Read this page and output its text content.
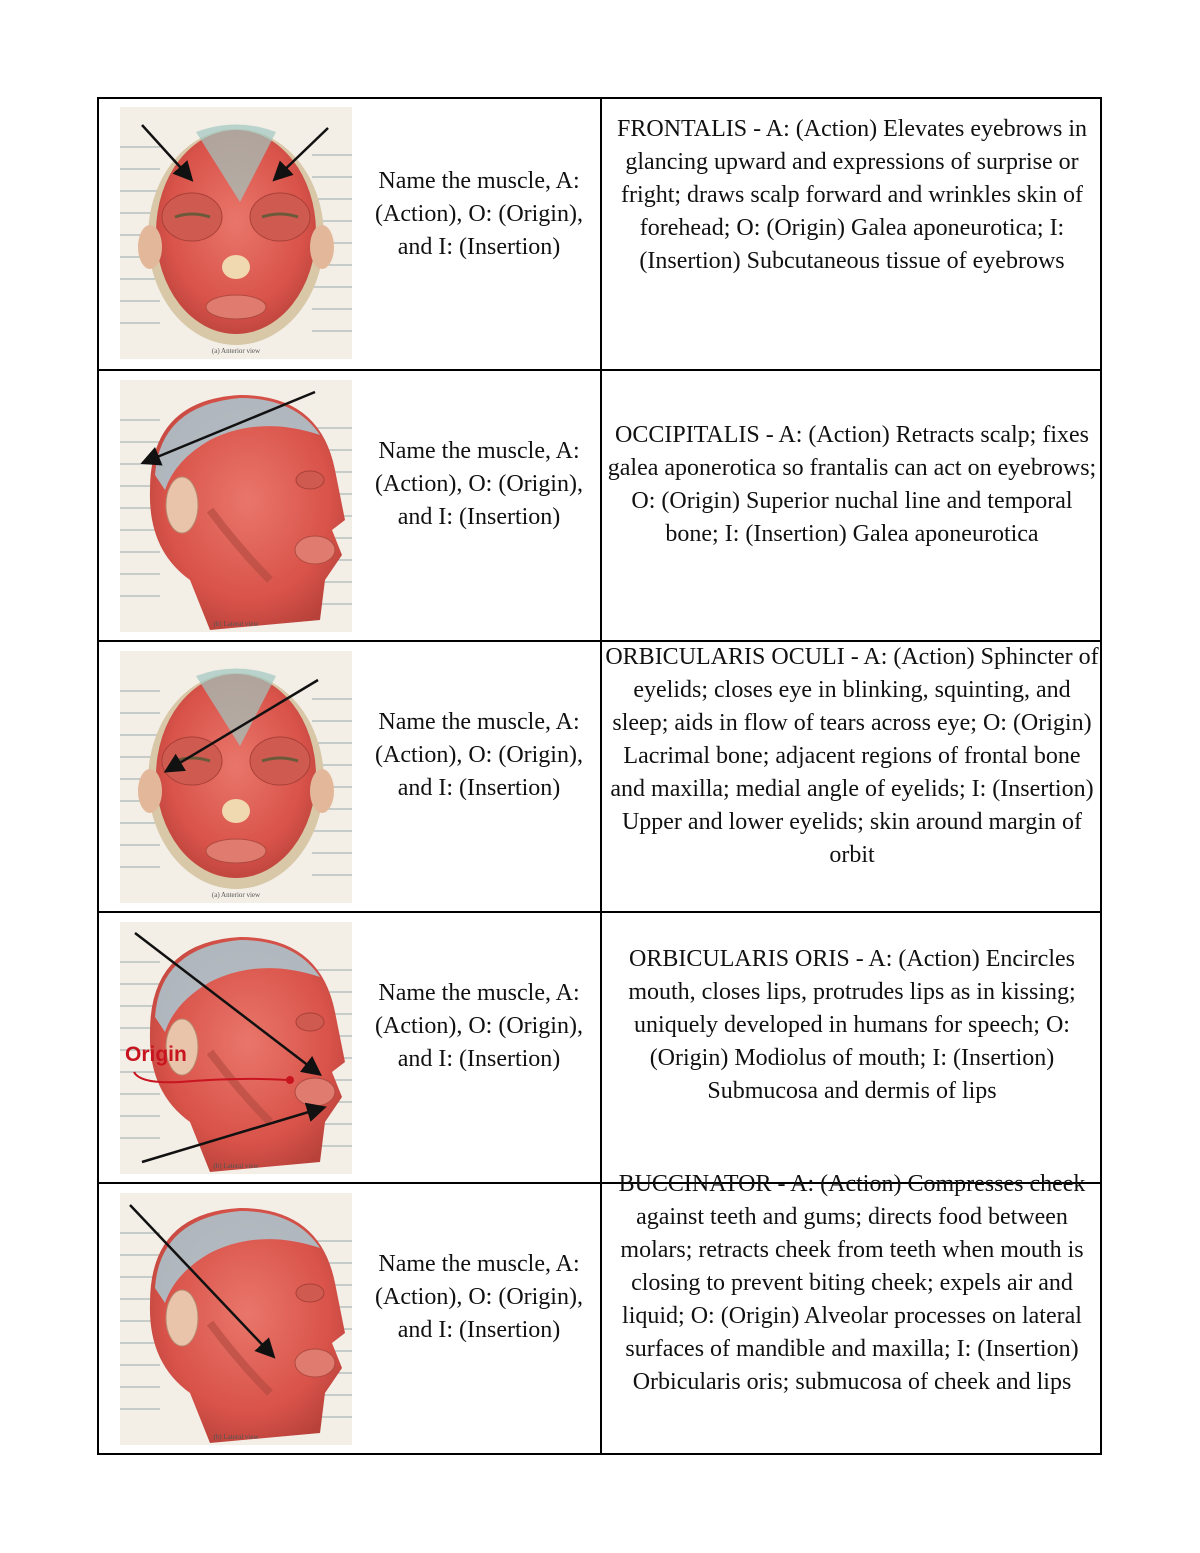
(a) Anterior view
Name the muscle, A: (Action), O: (Origin), and I: (Insertion)
FRONTALIS - A: (Action) Elevates eyebrows in glancing upward and expressions of surprise or fright; draws scalp forward and wrinkles skin of forehead; O: (Origin) Galea aponeurotica; I: (Insertion) Subcutaneous tissue of eyebrows
(b) Lateral view
Name the muscle, A: (Action), O: (Origin), and I: (Insertion)
OCCIPITALIS - A: (Action) Retracts scalp; fixes galea aponerotica so frantalis can act on eyebrows; O: (Origin) Superior nuchal line and temporal bone; I: (Insertion) Galea aponeurotica
(a) Anterior view
Name the muscle, A: (Action), O: (Origin), and I: (Insertion)
ORBICULARIS OCULI - A: (Action) Sphincter of eyelids; closes eye in blinking, squinting, and sleep; aids in flow of tears across eye; O: (Origin) Lacrimal bone; adjacent regions of frontal bone and maxilla; medial angle of eyelids; I: (Insertion) Upper and lower eyelids; skin around margin of orbit
(b) Lateral view
Origin
Name the muscle, A: (Action), O: (Origin), and I: (Insertion)
ORBICULARIS ORIS - A: (Action) Encircles mouth, closes lips, protrudes lips as in kissing; uniquely developed in humans for speech; O: (Origin) Modiolus of mouth; I: (Insertion) Submucosa and dermis of lips
(b) Lateral view
Name the muscle, A: (Action), O: (Origin), and I: (Insertion)
BUCCINATOR - A: (Action) Compresses cheek against teeth and gums; directs food between molars; retracts cheek from teeth when mouth is closing to prevent biting cheek; expels air and liquid; O: (Origin) Alveolar processes on lateral surfaces of mandible and maxilla; I: (Insertion) Orbicularis oris; submucosa of cheek and lips
